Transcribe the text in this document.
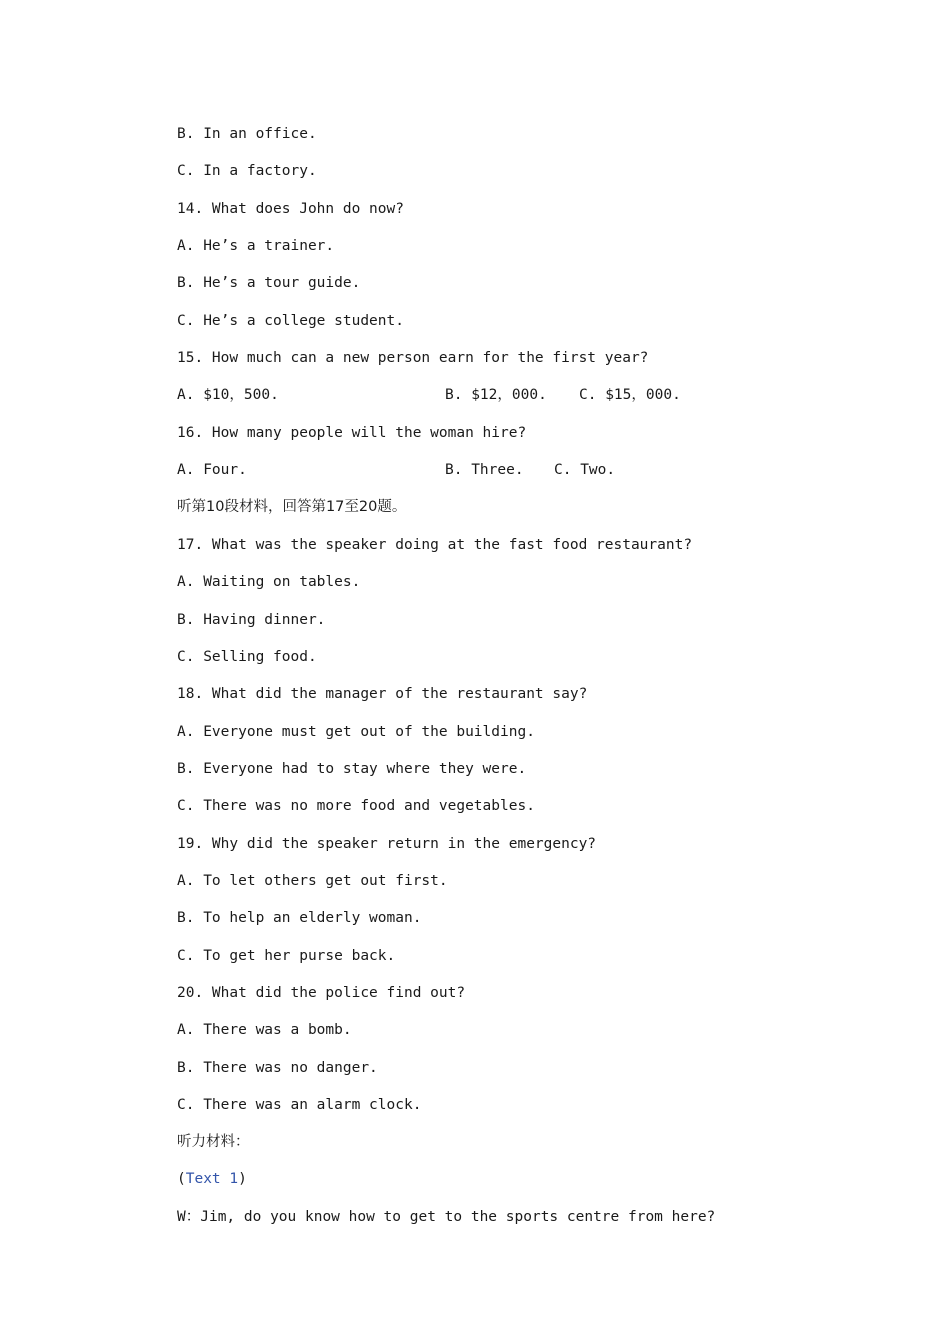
B. In an office.
C. In a factory.
14. What does John do now?
A. He’s a trainer.
B. He’s a tour guide.
C. He’s a college student.
15. How much can a new person earn for the first year?

A. $10，500.

	B. $12，000.

C. $15，000.

16. How many people will the woman hire?

A. Four.

	B. Three.

C. Two.

听第10段材料，回答第17至20题。
17. What was the speaker doing at the fast food restaurant?
A. Waiting on tables.
B. Having dinner.
C. Selling food.
18. What did the manager of the restaurant say?
A. Everyone must get out of the building.
B. Everyone had to stay where they were.
C. There was no more food and vegetables.
19. Why did the speaker return in the emergency?
A. To let others get out first.
B. To help an elderly woman.
C. To get her purse back.
20. What did the police find out?
A. There was a bomb.
B. There was no danger.
C. There was an alarm clock.
听力材料：
(Text 1)
W：Jim, do you know how to get to the sports centre from here?
